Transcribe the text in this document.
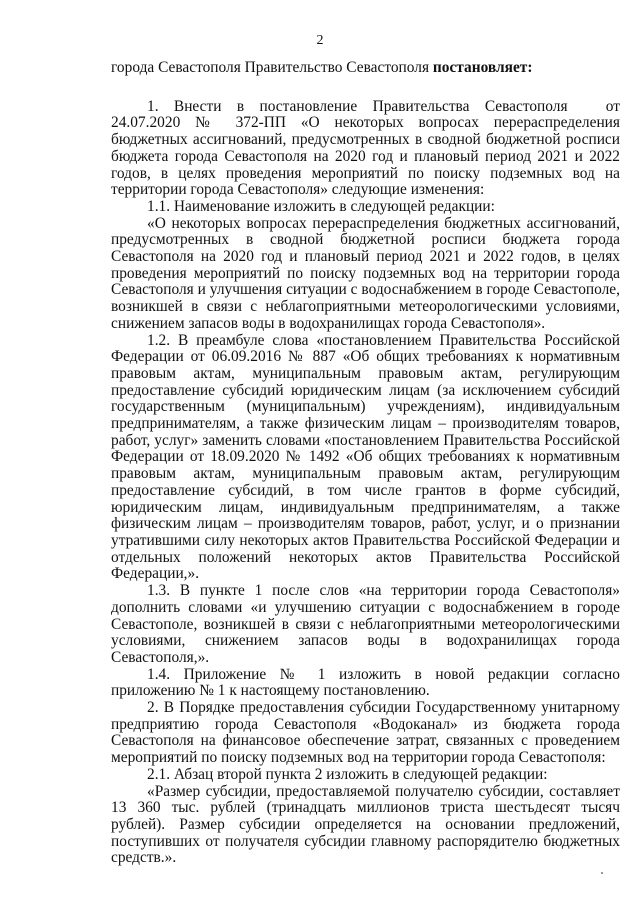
2

города Севастополя Правительство Севастополя постановляет:

1. Внести в постановление Правительства Севастополя от 24.07.2020 № 372-ПП «О некоторых вопросах перераспределения бюджетных ассигнований, предусмотренных в сводной бюджетной росписи бюджета города Севастополя на 2020 год и плановый период 2021 и 2022 годов, в целях проведения мероприятий по поиску подземных вод на территории города Севастополя» следующие изменения:

1.1. Наименование изложить в следующей редакции:

«О некоторых вопросах перераспределения бюджетных ассигнований, предусмотренных в сводной бюджетной росписи бюджета города Севастополя на 2020 год и плановый период 2021 и 2022 годов, в целях проведения мероприятий по поиску подземных вод на территории города Севастополя и улучшения ситуации с водоснабжением в городе Севастополе, возникшей в связи с неблагоприятными метеорологическими условиями, снижением запасов воды в водохранилищах города Севастополя».

1.2. В преамбуле слова «постановлением Правительства Российской Федерации от 06.09.2016 № 887 «Об общих требованиях к нормативным правовым актам, муниципальным правовым актам, регулирующим предоставление субсидий юридическим лицам (за исключением субсидий государственным (муниципальным) учреждениям), индивидуальным предпринимателям, а также физическим лицам – производителям товаров, работ, услуг» заменить словами «постановлением Правительства Российской Федерации от 18.09.2020 № 1492 «Об общих требованиях к нормативным правовым актам, муниципальным правовым актам, регулирующим предоставление субсидий, в том числе грантов в форме субсидий, юридическим лицам, индивидуальным предпринимателям, а также физическим лицам – производителям товаров, работ, услуг, и о признании утратившими силу некоторых актов Правительства Российской Федерации и отдельных положений некоторых актов Правительства Российской Федерации,».

1.3. В пункте 1 после слов «на территории города Севастополя» дополнить словами «и улучшению ситуации с водоснабжением в городе Севастополе, возникшей в связи с неблагоприятными метеорологическими условиями, снижением запасов воды в водохранилищах города Севастополя,».

1.4. Приложение № 1 изложить в новой редакции согласно приложению № 1 к настоящему постановлению.

2. В Порядке предоставления субсидии Государственному унитарному предприятию города Севастополя «Водоканал» из бюджета города Севастополя на финансовое обеспечение затрат, связанных с проведением мероприятий по поиску подземных вод на территории города Севастополя:

2.1. Абзац второй пункта 2 изложить в следующей редакции:

«Размер субсидии, предоставляемой получателю субсидии, составляет 13 360 тыс. рублей (тринадцать миллионов триста шестьдесят тысяч рублей). Размер субсидии определяется на основании предложений, поступивших от получателя субсидии главному распорядителю бюджетных средств.».
